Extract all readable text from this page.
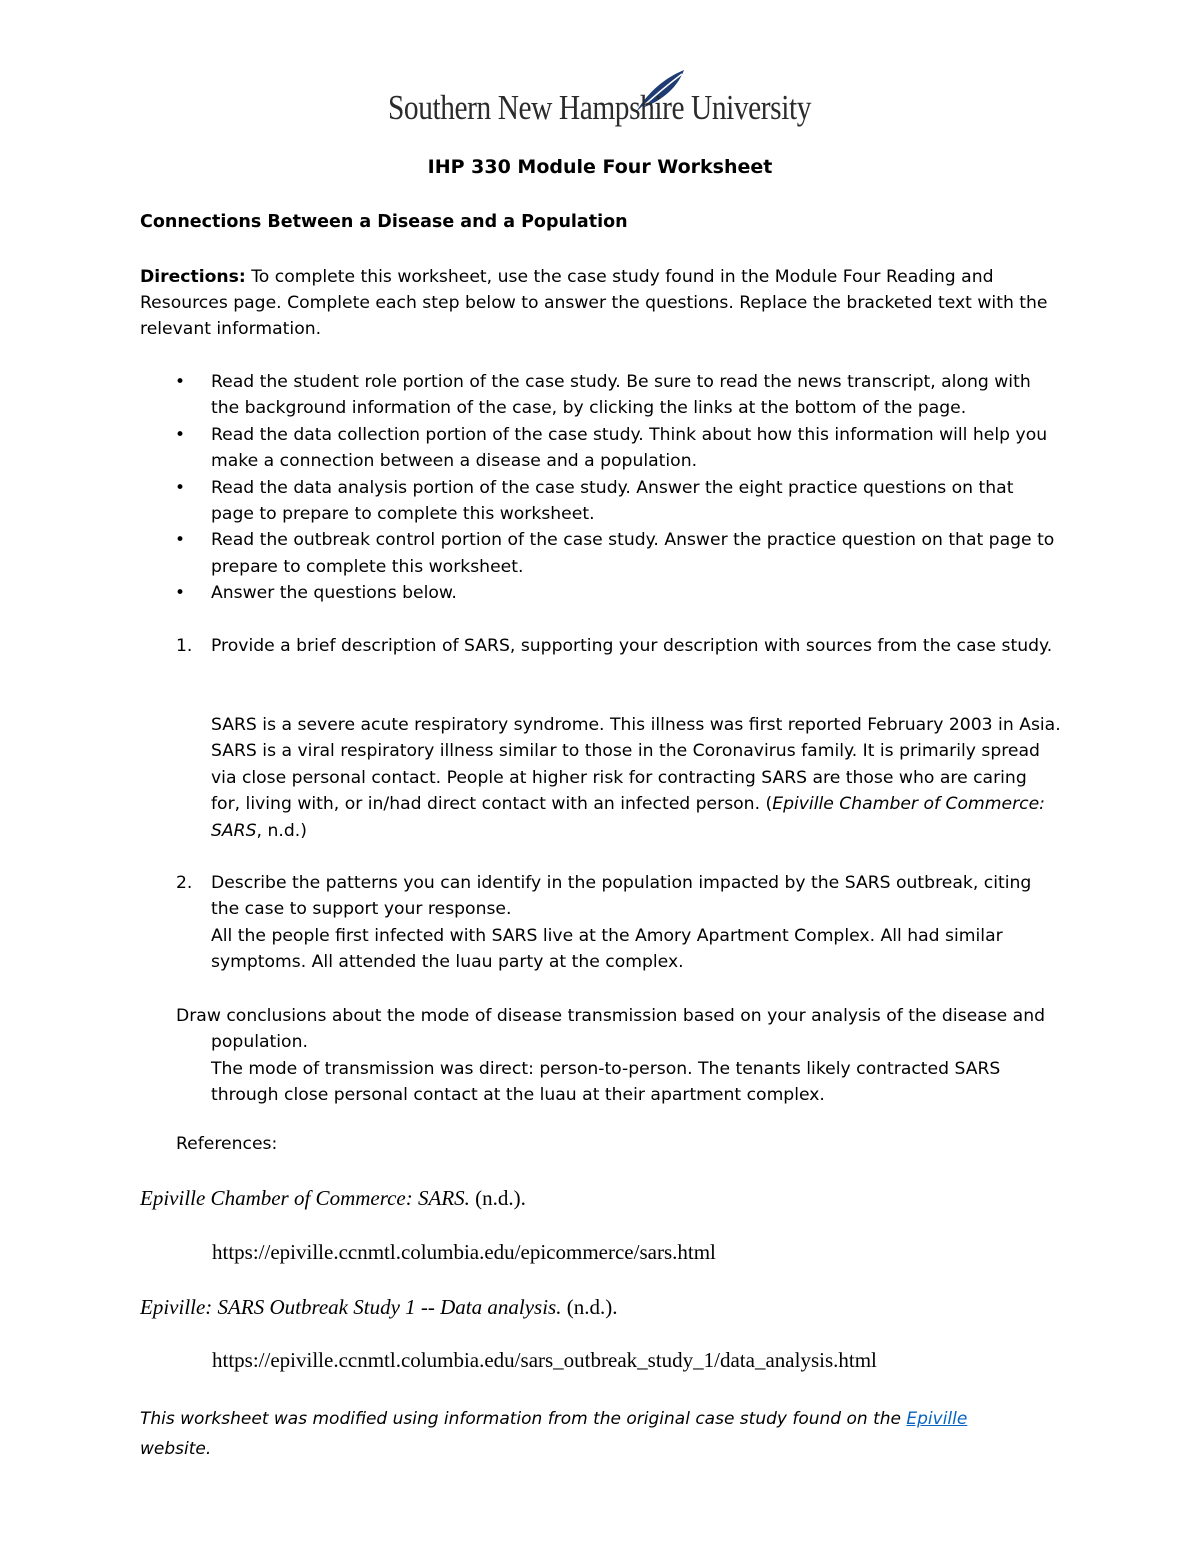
Southern New Hampshire University
IHP 330 Module Four Worksheet
Connections Between a Disease and a Population
Directions: To complete this worksheet, use the case study found in the Module Four Reading and Resources page. Complete each step below to answer the questions. Replace the bracketed text with the relevant information.
• Read the student role portion of the case study. Be sure to read the news transcript, along with the background information of the case, by clicking the links at the bottom of the page.
• Read the data collection portion of the case study. Think about how this information will help you make a connection between a disease and a population.
• Read the data analysis portion of the case study. Answer the eight practice questions on that page to prepare to complete this worksheet.
• Read the outbreak control portion of the case study. Answer the practice question on that page to prepare to complete this worksheet.
• Answer the questions below.
1. Provide a brief description of SARS, supporting your description with sources from the case study.
SARS is a severe acute respiratory syndrome. This illness was first reported February 2003 in Asia. SARS is a viral respiratory illness similar to those in the Coronavirus family. It is primarily spread via close personal contact. People at higher risk for contracting SARS are those who are caring for, living with, or in/had direct contact with an infected person. (Epiville Chamber of Commerce: SARS, n.d.)
2. Describe the patterns you can identify in the population impacted by the SARS outbreak, citing the case to support your response.
All the people first infected with SARS live at the Amory Apartment Complex. All had similar symptoms. All attended the luau party at the complex.
Draw conclusions about the mode of disease transmission based on your analysis of the disease and
population.
The mode of transmission was direct: person-to-person. The tenants likely contracted SARS through close personal contact at the luau at their apartment complex.
References:
Epiville Chamber of Commerce: SARS. (n.d.).
https://epiville.ccnmtl.columbia.edu/epicommerce/sars.html
Epiville: SARS Outbreak Study 1 -- Data analysis. (n.d.).
https://epiville.ccnmtl.columbia.edu/sars_outbreak_study_1/data_analysis.html
This worksheet was modified using information from the original case study found on the Epiville
website.
